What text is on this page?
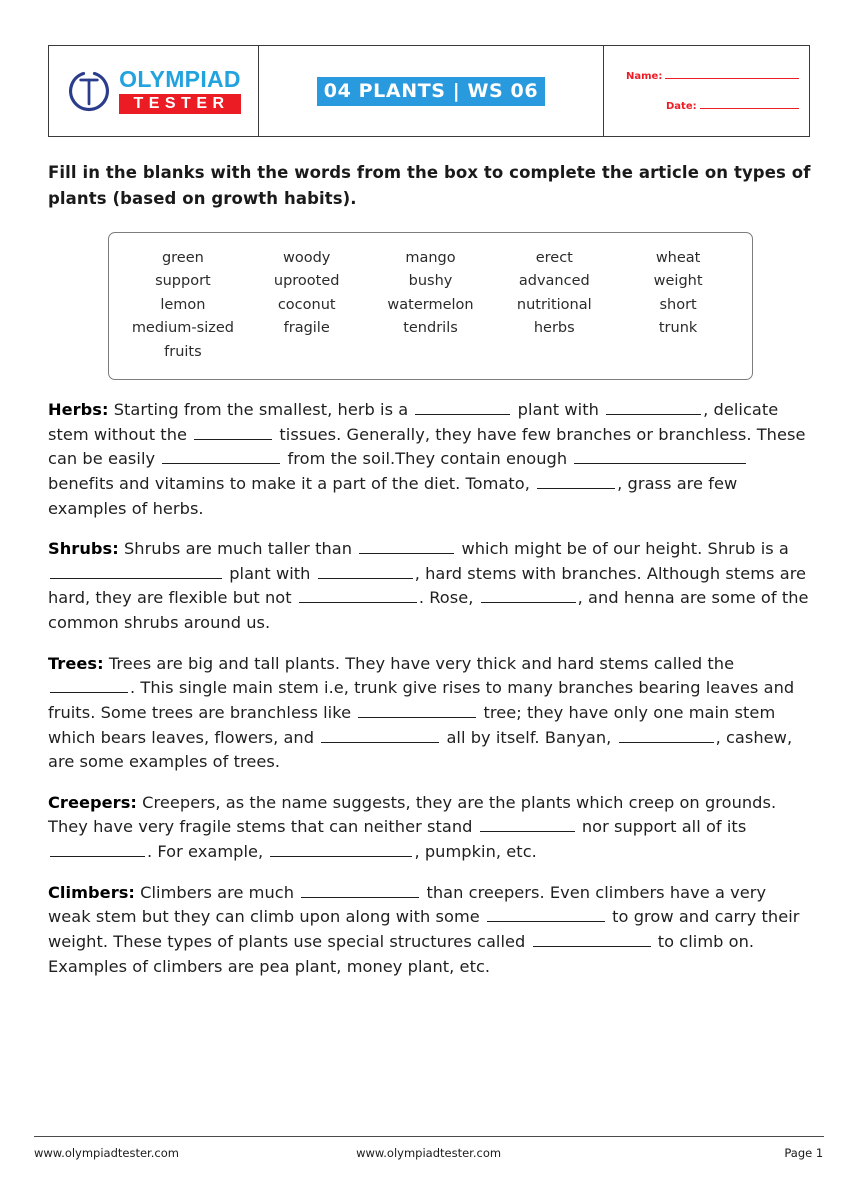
OLYMPIAD
TESTER
04 PLANTS | WS 06
Name:
Date:
Fill in the blanks with the words from the box to complete the article on types of plants (based on growth habits).
green	woody	mango	erect	wheat
support	uprooted	bushy	advanced	weight
lemon	coconut	watermelon	nutritional	short
medium-sized	fragile	tendrils	herbs	trunk
fruits
Herbs: Starting from the smallest, herb is a	plant with	, delicate stem without the	tissues. Generally, they have few branches or branchless. These can be easily	from the soil.They contain enough  benefits and vitamins to make it a part of the diet. Tomato,	, grass are few examples of herbs.
Shrubs: Shrubs are much taller than	which might be of our height. Shrub is a  plant with	, hard stems with branches. Although stems are hard, they are flexible but not	. Rose,	, and henna are some of the common shrubs around us.
Trees: Trees are big and tall plants. They have very thick and hard stems called the . This single main stem i.e, trunk give rises to many branches bearing leaves and fruits. Some trees are branchless like	tree; they have only one main stem which bears leaves, flowers, and	all by itself. Banyan,	, cashew, are some examples of trees.
Creepers: Creepers, as the name suggests, they are the plants which creep on grounds. They have very fragile stems that can neither stand	nor support all of its . For example,	, pumpkin, etc.
Climbers: Climbers are much	than creepers. Even climbers have a very weak stem but they can climb upon along with some	to grow and carry their weight. These types of plants use special structures called	to climb on. Examples of climbers are pea plant, money plant, etc.
www.olympiadtester.com	www.olympiadtester.com	Page 1
